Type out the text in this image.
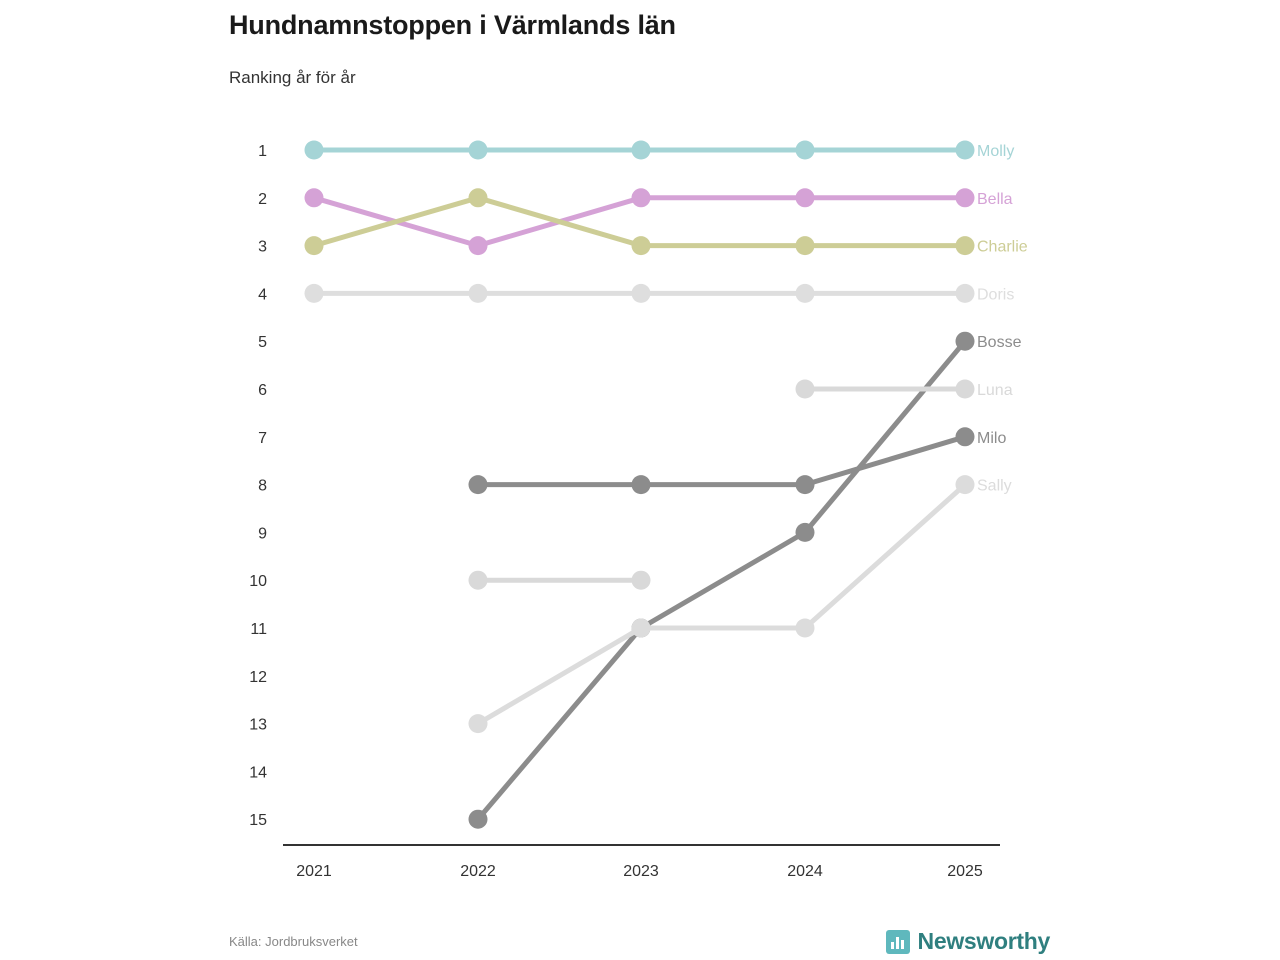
Hundnamnstoppen i Värmlands län
Ranking år för år
1
2
3
4
5
6
7
8
9
10
11
12
13
14
15
Molly
Bella
Charlie
Doris
Bosse
Luna
Milo
Sally
2021	2022	2023	2024	2025
Källa: Jordbruksverket	Newsworthy
